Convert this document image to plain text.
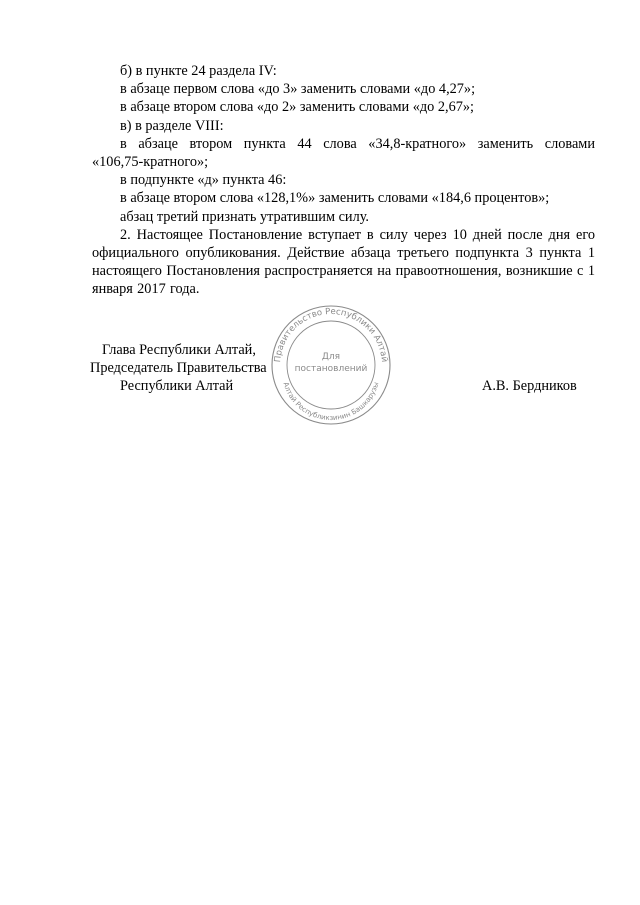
б) в пункте 24 раздела IV:

в абзаце первом слова «до 3» заменить словами «до 4,27»;

в абзаце втором слова «до 2» заменить словами «до 2,67»;

в) в разделе VIII:

в абзаце втором пункта 44 слова «34,8-кратного» заменить словами «106,75-кратного»;

в подпункте «д» пункта 46:

в абзаце втором слова «128,1%» заменить словами «184,6 процентов»;

абзац третий признать утратившим силу.

2. Настоящее Постановление вступает в силу через 10 дней после дня его официального опубликования. Действие абзаца третьего подпункта 3 пункта 1 настоящего Постановления распространяется на правоотношения, возникшие с 1 января 2017 года.

Правительство Республики Алтай
Алтай Республикзинин Башкарузы
Для
постановлений
Глава Республики Алтай,
Председатель Правительства
Республики Алтай	А.В. Бердников
